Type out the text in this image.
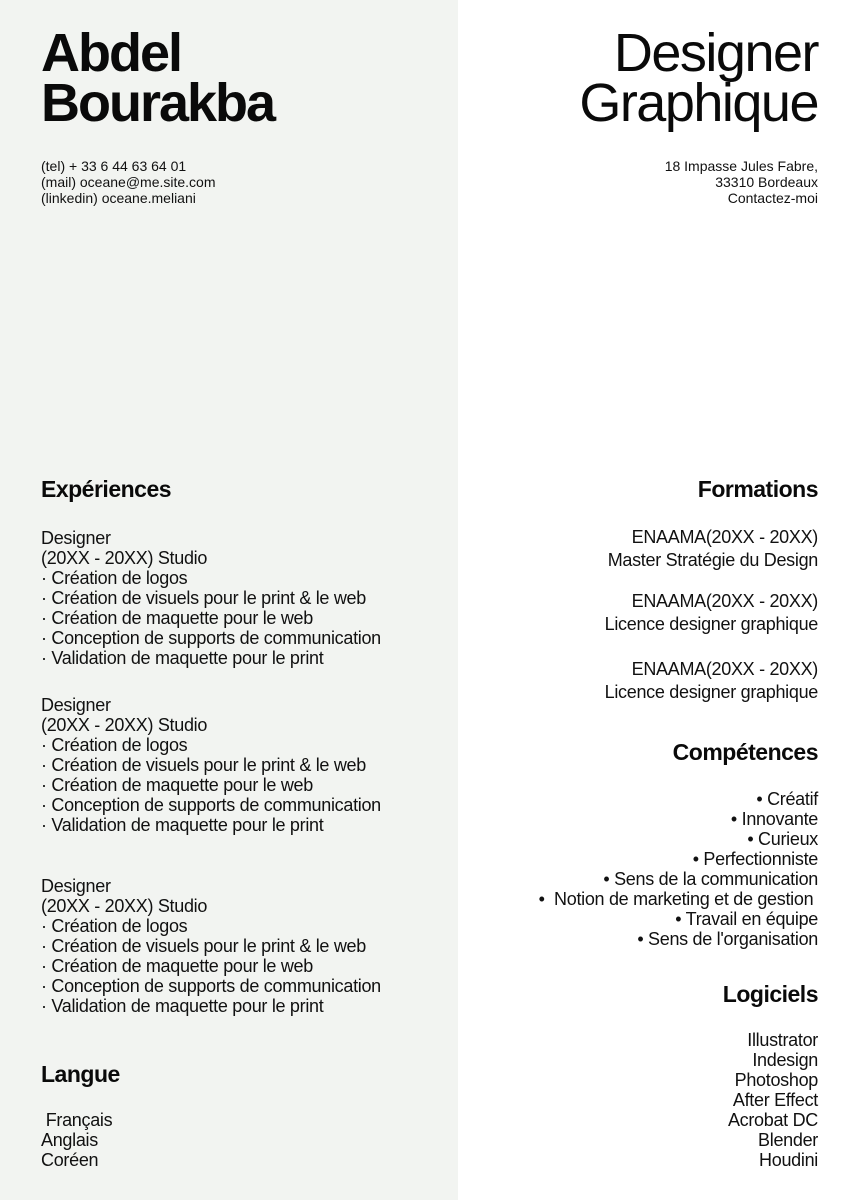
Abdel
Bourakba
Designer
Graphique
(tel) + 33 6 44 63 64 01
(mail) oceane@me.site.com
(linkedin) oceane.meliani
18 Impasse Jules Fabre,
33310 Bordeaux
Contactez-moi
Expériences
Designer
(20XX - 20XX) Studio
· Création de logos
· Création de visuels pour le print & le web
· Création de maquette pour le web
· Conception de supports de communication
· Validation de maquette pour le print
Designer
(20XX - 20XX) Studio
· Création de logos
· Création de visuels pour le print & le web
· Création de maquette pour le web
· Conception de supports de communication
· Validation de maquette pour le print
Designer
(20XX - 20XX) Studio
· Création de logos
· Création de visuels pour le print & le web
· Création de maquette pour le web
· Conception de supports de communication
· Validation de maquette pour le print
Langue
Français
Anglais
Coréen
Formations
ENAAMA(20XX - 20XX)
Master Stratégie du Design
ENAAMA(20XX - 20XX)
Licence designer graphique
ENAAMA(20XX - 20XX)
Licence designer graphique
Compétences
• Créatif
• Innovante
• Curieux
• Perfectionniste
• Sens de la communication
•  Notion de marketing et de gestion
• Travail en équipe
• Sens de l'organisation
Logiciels
Illustrator
Indesign
Photoshop
After Effect
Acrobat DC
Blender
Houdini
